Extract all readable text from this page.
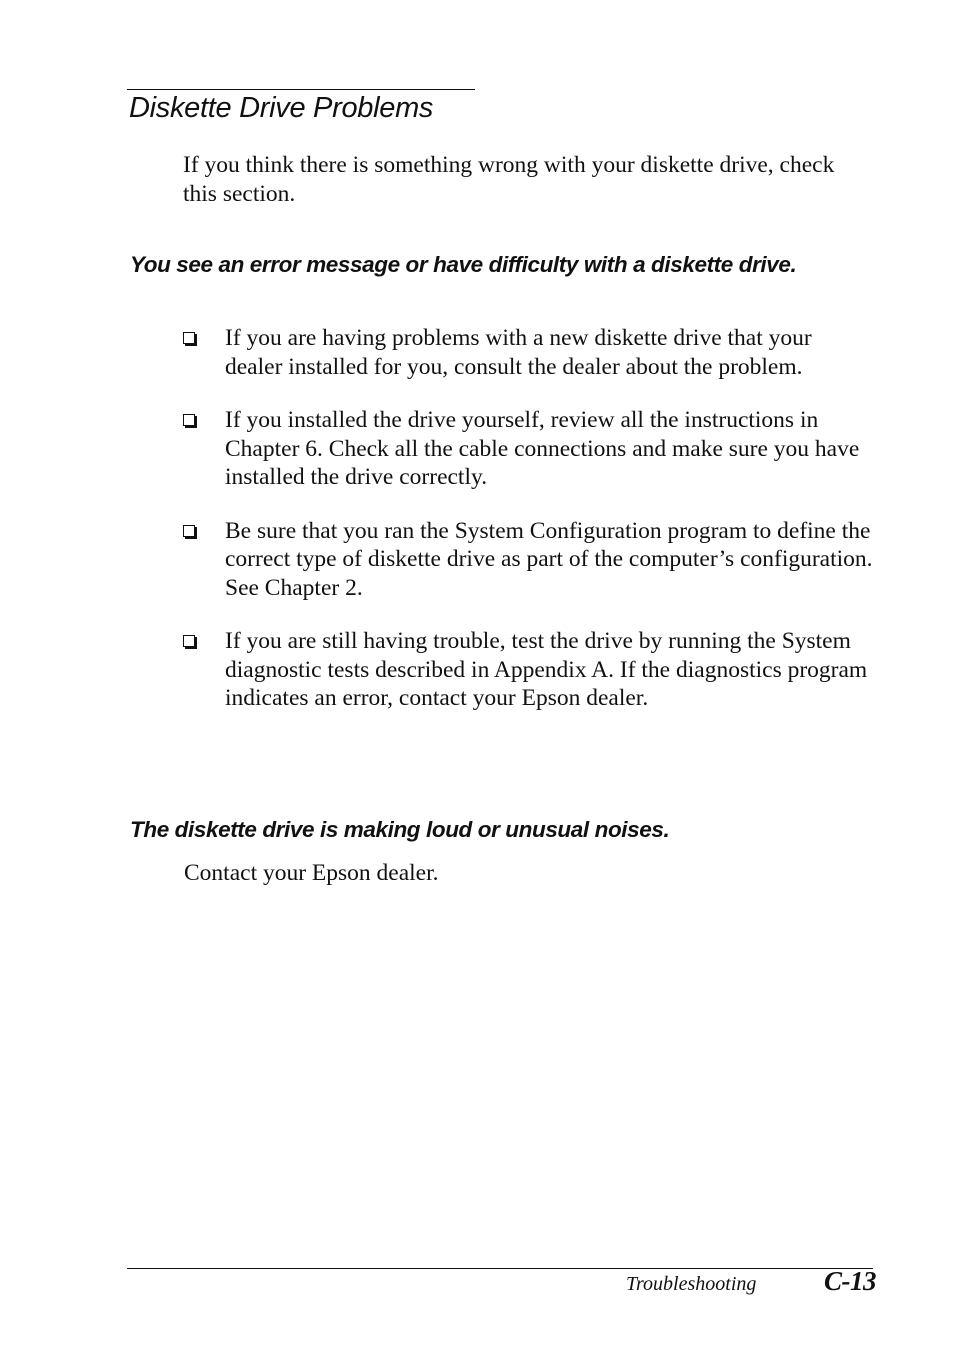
Diskette Drive Problems

If you think there is something wrong with your diskette drive, check this section.

You see an error message or have difficulty with a diskette drive.
If you are having problems with a new diskette drive that your dealer installed for you, consult the dealer about the problem.
If you installed the drive yourself, review all the instructions in Chapter 6. Check all the cable connections and make sure you have installed the drive correctly.
Be sure that you ran the System Configuration program to define the correct type of diskette drive as part of the computer’s configuration. See Chapter 2.
If you are still having trouble, test the drive by running the System diagnostic tests described in Appendix A. If the diagnostics program indicates an error, contact your Epson dealer.
The diskette drive is making loud or unusual noises.

Contact your Epson dealer.

Troubleshooting	C-13
